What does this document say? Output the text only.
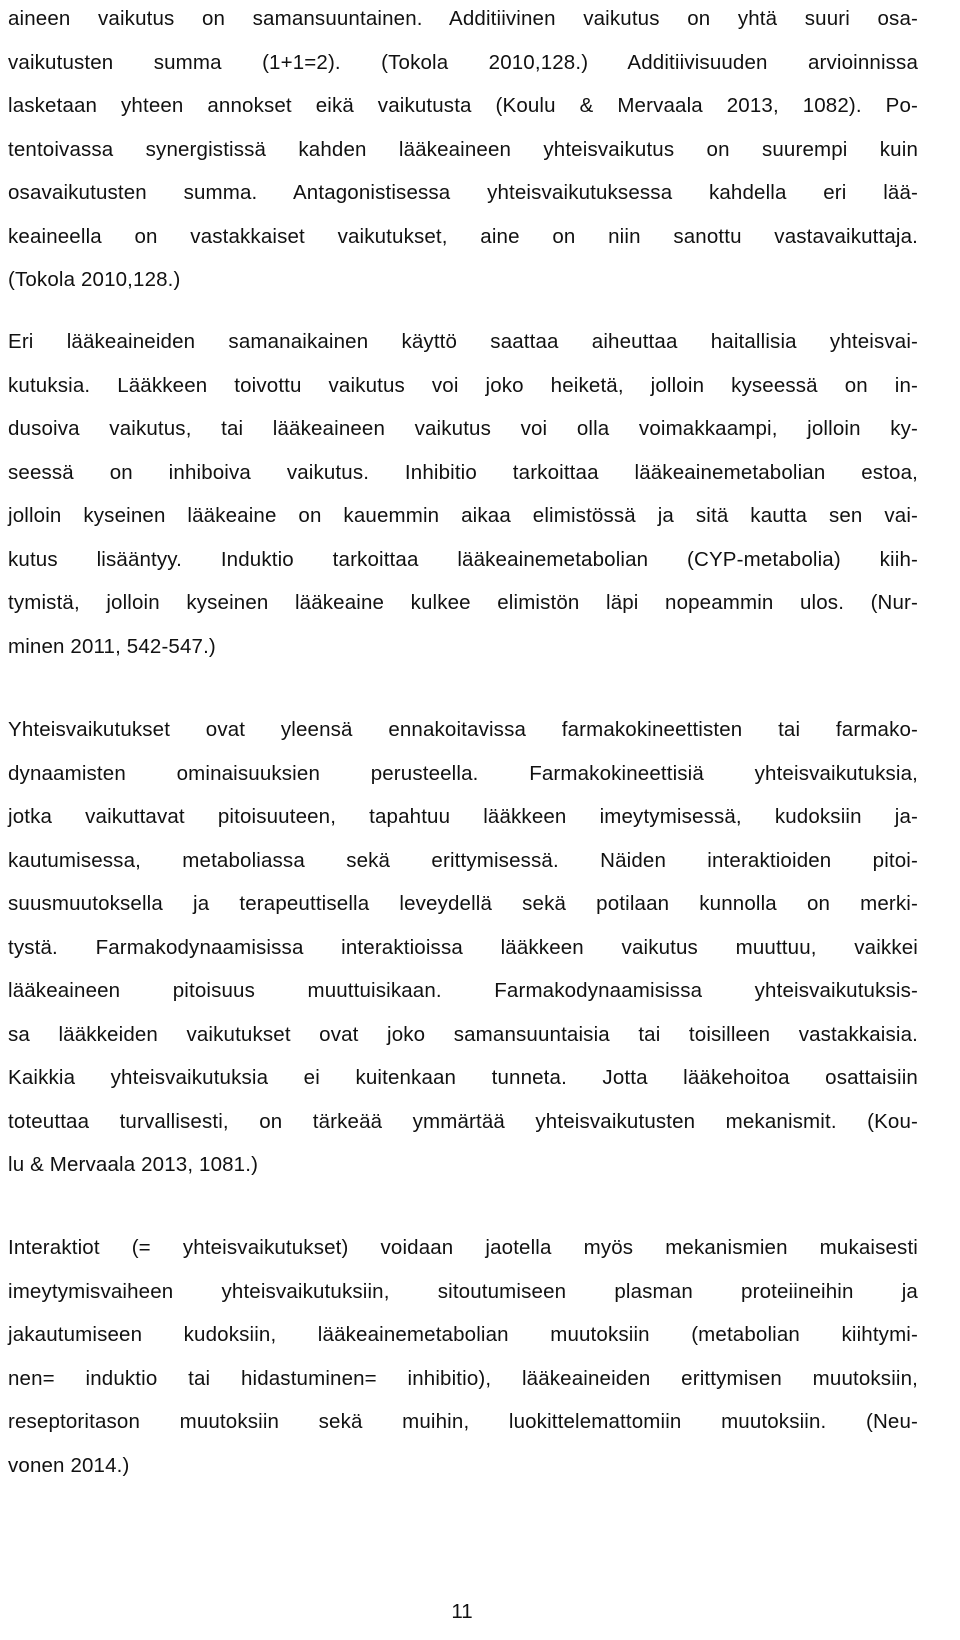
aineen vaikutus on samansuuntainen. Additiivinen vaikutus on yhtä suuri osa-
vaikutusten summa (1+1=2). (Tokola 2010,128.) Additiivisuuden arvioinnissa
lasketaan yhteen annokset eikä vaikutusta (Koulu & Mervaala 2013, 1082). Po-
tentoivassa synergistissä kahden lääkeaineen yhteisvaikutus on suurempi kuin
osavaikutusten summa. Antagonistisessa yhteisvaikutuksessa kahdella eri lää-
keaineella on vastakkaiset vaikutukset, aine on niin sanottu vastavaikuttaja.
(Tokola 2010,128.)
Eri lääkeaineiden samanaikainen käyttö saattaa aiheuttaa haitallisia yhteisvai-
kutuksia. Lääkkeen toivottu vaikutus voi joko heiketä, jolloin kyseessä on in-
dusoiva vaikutus, tai lääkeaineen vaikutus voi olla voimakkaampi, jolloin ky-
seessä on inhiboiva vaikutus. Inhibitio tarkoittaa lääkeainemetabolian estoa,
jolloin kyseinen lääkeaine on kauemmin aikaa elimistössä ja sitä kautta sen vai-
kutus lisääntyy. Induktio tarkoittaa lääkeainemetabolian (CYP-metabolia) kiih-
tymistä, jolloin kyseinen lääkeaine kulkee elimistön läpi nopeammin ulos. (Nur-
minen 2011, 542-547.)
Yhteisvaikutukset ovat yleensä ennakoitavissa farmakokineettisten tai farmako-
dynaamisten ominaisuuksien perusteella. Farmakokineettisiä yhteisvaikutuksia,
jotka vaikuttavat pitoisuuteen, tapahtuu lääkkeen imeytymisessä, kudoksiin ja-
kautumisessa, metaboliassa sekä erittymisessä. Näiden interaktioiden pitoi-
suusmuutoksella ja terapeuttisella leveydellä sekä potilaan kunnolla on merki-
tystä. Farmakodynaamisissa interaktioissa lääkkeen vaikutus muuttuu, vaikkei
lääkeaineen pitoisuus muuttuisikaan. Farmakodynaamisissa yhteisvaikutuksis-
sa lääkkeiden vaikutukset ovat joko samansuuntaisia tai toisilleen vastakkaisia.
Kaikkia yhteisvaikutuksia ei kuitenkaan tunneta. Jotta lääkehoitoa osattaisiin
toteuttaa turvallisesti, on tärkeää ymmärtää yhteisvaikutusten mekanismit. (Kou-
lu & Mervaala 2013, 1081.)
Interaktiot (= yhteisvaikutukset) voidaan jaotella myös mekanismien mukaisesti
imeytymisvaiheen yhteisvaikutuksiin, sitoutumiseen plasman proteiineihin ja
jakautumiseen kudoksiin, lääkeainemetabolian muutoksiin (metabolian kiihtymi-
nen= induktio tai hidastuminen= inhibitio), lääkeaineiden erittymisen muutoksiin,
reseptoritason muutoksiin sekä muihin, luokittelemattomiin muutoksiin. (Neu-
vonen 2014.)
11
